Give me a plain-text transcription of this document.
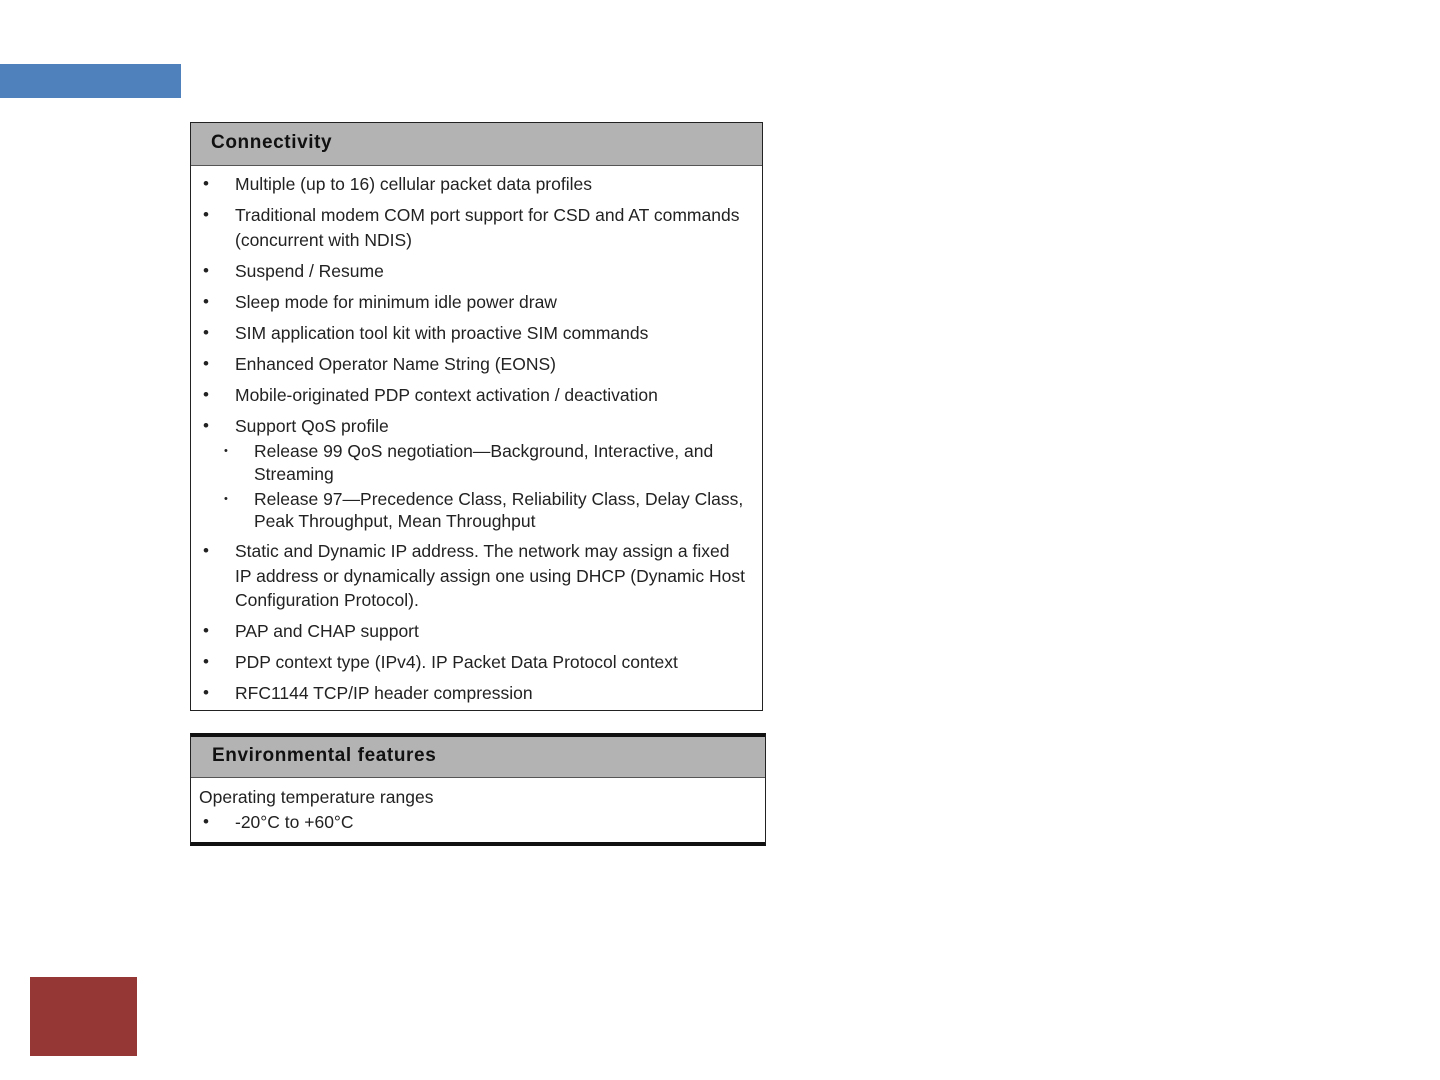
Connectivity
• Multiple (up to 16) cellular packet data profiles
• Traditional modem COM port support for CSD and AT commands (concurrent with NDIS)
• Suspend / Resume
• Sleep mode for minimum idle power draw
• SIM application tool kit with proactive SIM commands
• Enhanced Operator Name String (EONS)
• Mobile-originated PDP context activation / deactivation
• Support QoS profile
• Release 99 QoS negotiation—Background, Interactive, and Streaming
• Release 97—Precedence Class, Reliability Class, Delay Class, Peak Throughput, Mean Throughput
• Static and Dynamic IP address. The network may assign a fixed IP address or dynamically assign one using DHCP (Dynamic Host Configuration Protocol).
• PAP and CHAP support
• PDP context type (IPv4). IP Packet Data Protocol context
• RFC1144 TCP/IP header compression
Environmental features
Operating temperature ranges
• -20°C to +60°C
